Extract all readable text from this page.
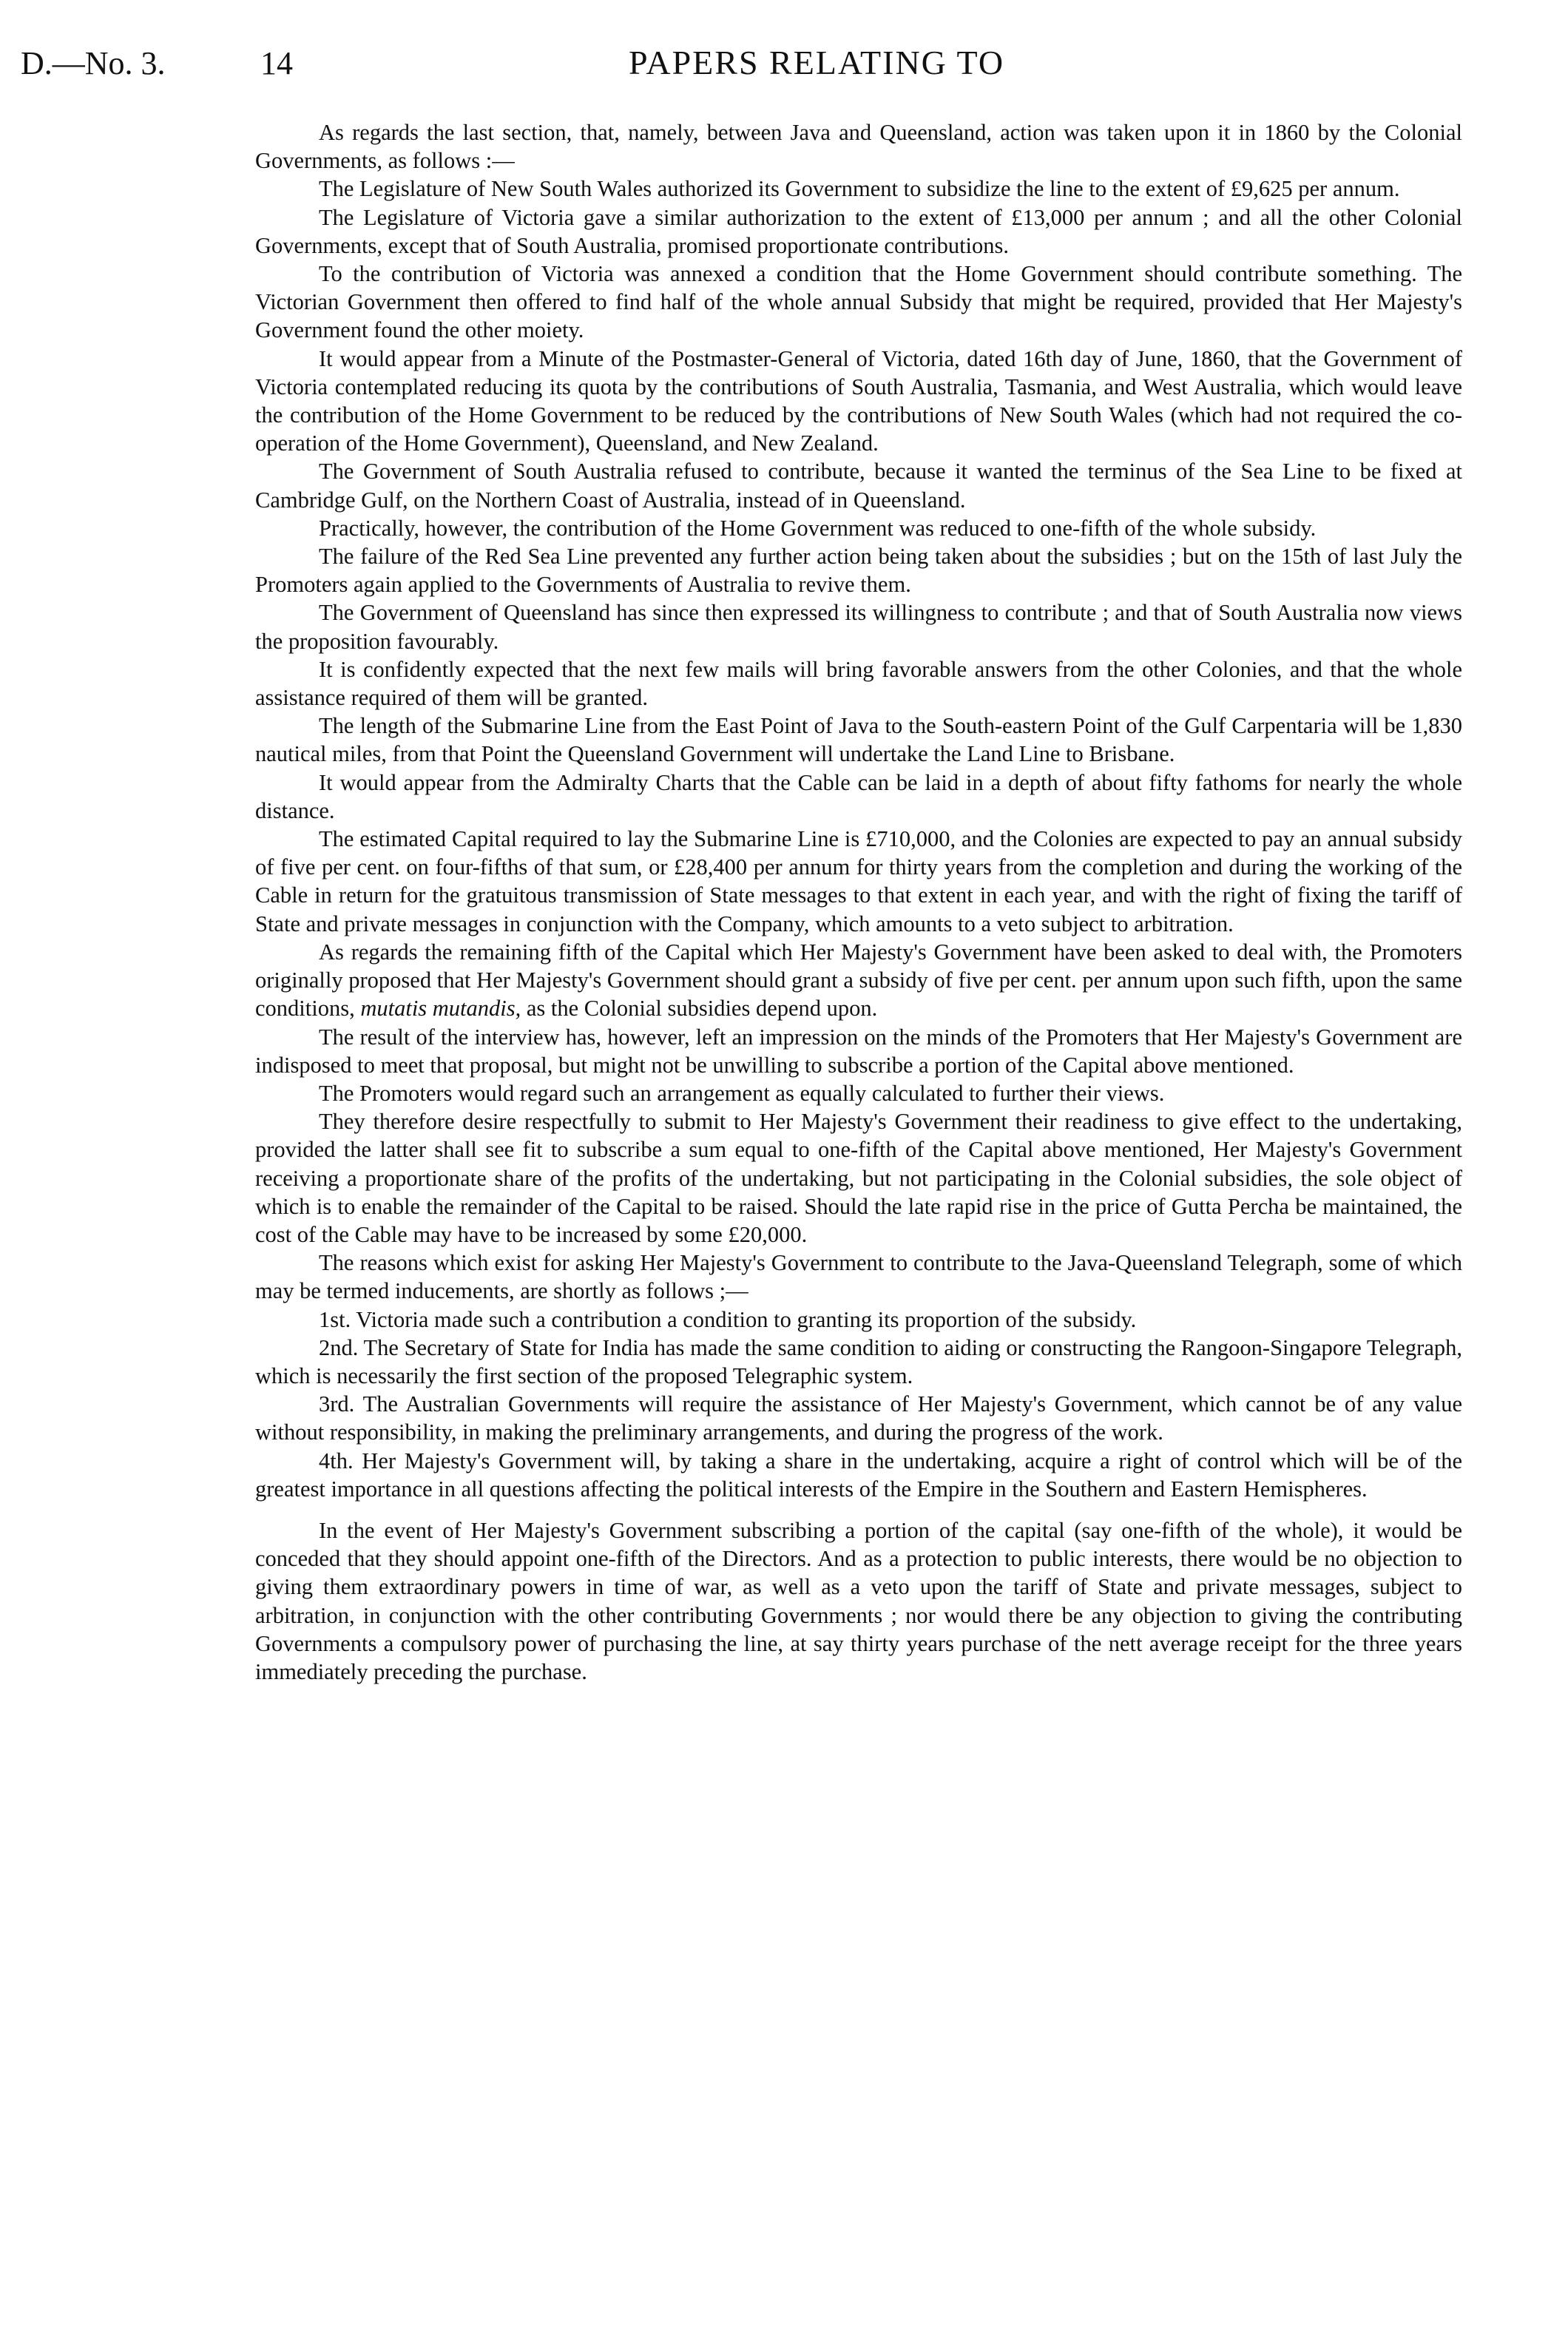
D.—No. 3.	14	PAPERS RELATING TO

As regards the last section, that, namely, between Java and Queensland, action was taken upon it in 1860 by the Colonial Governments, as follows :—

The Legislature of New South Wales authorized its Government to subsidize the line to the extent of £9,625 per annum.

The Legislature of Victoria gave a similar authorization to the extent of £13,000 per annum ; and all the other Colonial Governments, except that of South Australia, promised proportionate contributions.

To the contribution of Victoria was annexed a condition that the Home Government should contribute something. The Victorian Government then offered to find half of the whole annual Subsidy that might be required, provided that Her Majesty's Government found the other moiety.

It would appear from a Minute of the Postmaster-General of Victoria, dated 16th day of June, 1860, that the Government of Victoria contemplated reducing its quota by the contributions of South Australia, Tasmania, and West Australia, which would leave the contribution of the Home Government to be reduced by the contributions of New South Wales (which had not required the co-operation of the Home Government), Queensland, and New Zealand.

The Government of South Australia refused to contribute, because it wanted the terminus of the Sea Line to be fixed at Cambridge Gulf, on the Northern Coast of Australia, instead of in Queensland.

Practically, however, the contribution of the Home Government was reduced to one-fifth of the whole subsidy.

The failure of the Red Sea Line prevented any further action being taken about the subsidies ; but on the 15th of last July the Promoters again applied to the Governments of Australia to revive them.

The Government of Queensland has since then expressed its willingness to contribute ; and that of South Australia now views the proposition favourably.

It is confidently expected that the next few mails will bring favorable answers from the other Colonies, and that the whole assistance required of them will be granted.

The length of the Submarine Line from the East Point of Java to the South-eastern Point of the Gulf Carpentaria will be 1,830 nautical miles, from that Point the Queensland Government will undertake the Land Line to Brisbane.

It would appear from the Admiralty Charts that the Cable can be laid in a depth of about fifty fathoms for nearly the whole distance.

The estimated Capital required to lay the Submarine Line is £710,000, and the Colonies are expected to pay an annual subsidy of five per cent. on four-fifths of that sum, or £28,400 per annum for thirty years from the completion and during the working of the Cable in return for the gratuitous transmission of State messages to that extent in each year, and with the right of fixing the tariff of State and private messages in conjunction with the Company, which amounts to a veto subject to arbitration.

As regards the remaining fifth of the Capital which Her Majesty's Government have been asked to deal with, the Promoters originally proposed that Her Majesty's Government should grant a subsidy of five per cent. per annum upon such fifth, upon the same conditions, mutatis mutandis, as the Colonial subsidies depend upon.

The result of the interview has, however, left an impression on the minds of the Promoters that Her Majesty's Government are indisposed to meet that proposal, but might not be unwilling to subscribe a portion of the Capital above mentioned.

The Promoters would regard such an arrangement as equally calculated to further their views.

They therefore desire respectfully to submit to Her Majesty's Government their readiness to give effect to the undertaking, provided the latter shall see fit to subscribe a sum equal to one-fifth of the Capital above mentioned, Her Majesty's Government receiving a proportionate share of the profits of the undertaking, but not participating in the Colonial subsidies, the sole object of which is to enable the remainder of the Capital to be raised. Should the late rapid rise in the price of Gutta Percha be maintained, the cost of the Cable may have to be increased by some £20,000.

The reasons which exist for asking Her Majesty's Government to contribute to the Java-Queensland Telegraph, some of which may be termed inducements, are shortly as follows ;—

1st. Victoria made such a contribution a condition to granting its proportion of the subsidy.

2nd. The Secretary of State for India has made the same condition to aiding or constructing the Rangoon-Singapore Telegraph, which is necessarily the first section of the proposed Telegraphic system.

3rd. The Australian Governments will require the assistance of Her Majesty's Government, which cannot be of any value without responsibility, in making the preliminary arrangements, and during the progress of the work.

4th. Her Majesty's Government will, by taking a share in the undertaking, acquire a right of control which will be of the greatest importance in all questions affecting the political interests of the Empire in the Southern and Eastern Hemispheres.

In the event of Her Majesty's Government subscribing a portion of the capital (say one-fifth of the whole), it would be conceded that they should appoint one-fifth of the Directors. And as a protection to public interests, there would be no objection to giving them extraordinary powers in time of war, as well as a veto upon the tariff of State and private messages, subject to arbitration, in conjunction with the other contributing Governments ; nor would there be any objection to giving the contributing Governments a compulsory power of purchasing the line, at say thirty years purchase of the nett average receipt for the three years immediately preceding the purchase.
